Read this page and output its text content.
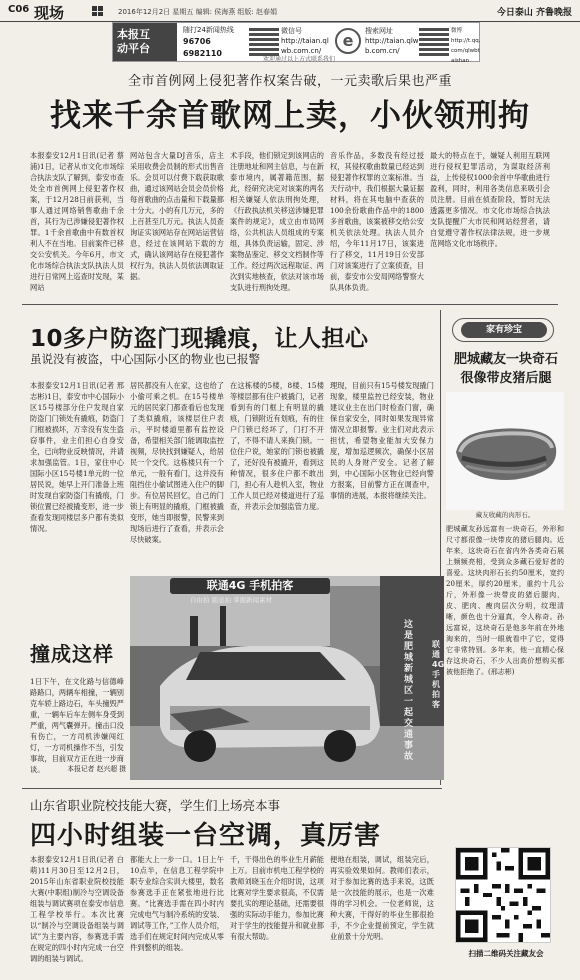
C06 现场	2016年12月2日 星期五 编辑: 侯海燕 组版: 赵春娟	今日泰山 齐鲁晚报
本报互
动平台
随打24新闻热线
96706 6982110
微信号
http://taian.qlwb.com.cn/
e	搜索网址
http://taian.qlwb.com.cn/
微博
http://t.qq.com/qlwbtaishan
欢迎通过以上方式联系我们
全市首例网上侵犯著作权案告破，一元卖歌后果也严重
找来千余首歌网上卖，小伙领刑拘
本报泰安12月1日讯(记者 蔡浦)1日，记者从市文化市场综合执法支队了解到，泰安市查处全市首例网上侵犯著作权案，于12月28日前获利，当事人通过网络销售歌曲千余首，其行为已涉嫌侵犯著作权罪。1千余首歌曲中有数首权利人不在当地。目前案件已移交公安机关。今年6月，市文化市场综合执法支队执法人员进行日常网上巡查时发现，某网站
网站包含大量DJ音乐，店主采用收费会员制的形式出售音乐。会员可以付费下载获取歌曲，通过该网站会员会员价格每首歌曲的点击量和下载量都十分大。小的有几万元，多的上百甚至几万元。执法人员查询证实该网站存在网站运营信息，经过在该网站下载的方式，确认该网站存在侵犯著作权行为，执法人员依法调取证据。
术手段，他们锁定到该网店的注册地址和网主信息，与在新泰市境内，属著籍范围，据此，经研究决定对该案的两名相关嫌疑人依法刑拘处理，《行政执法机关移送涉嫌犯罪案件的规定》，成立由市局网络，公共机法人员组成的专案组，具体负责运输，固定、涉案物品鉴定、移交文档制作等工作。经过两次远程取证、两次到实地核查，依法对该市场支队进行刑拘处理。
音乐作品，多数没有经过授权，其侵权歌曲数量已经达到侵犯著作权罪的立案标准。当天行动中，我们根据大量证据材料，将在其电脑中查获的100余份歌曲作品中的1800多首歌曲，该案被移交给公安机关依法处理。执法人员介绍，今年11月17日，该案进行了移交，11月19日公安部门对该案进行了立案侦查，目前，泰安市公安局网络警察大队具体负责。
最大的特点在于，嫌疑人利用互联网进行侵权犯罪活动，为谋取经济利益，上传侵权1000余首中华歌曲进行盈利，同时，利用各类信息来吸引会员注册。目前在侦查阶段，暂时无法透露更多情况。市文化市场综合执法支队提醒广大市民和网站经营者，请自觉遵守著作权法律法规，进一步规范网络文化市场秩序。
10多户防盗门现撬痕，让人担心
虽说没有被盗，中心国际小区的物业也已报警
本报泰安12月1日讯(记者 邢志彬)1日，泰安市中心国际小区15号楼部分住户发现自家防盗门门锁处有撬痕，防盗门门框被损坏，万幸没有发生盗窃事件，业主们担心自身安全，已向物业反映情况，并请求加强监管。1日，家住中心国际小区15号楼1单元的一位居民说，她早上开门准备上班时发现自家防盗门有撬痕，门锁位置已经被撬变形，进一步查看发现同楼层多户都有类似情况。
居民都没有人在家，这也给了小偷可乘之机。在15号楼单元的居民家门都查看后也发现了类似撬痕，该楼层住户表示，平时楼道里都有监控设备，希望相关部门能调取监控视频，尽快找到嫌疑人，给居民一个交代。这栋楼只有一个单元，一般有看门，这并没有阻挡住小偷试图进入住户的脚步。有位居民回忆，自己的门锁上有明显的撬痕，门框被撬变形，她当即报警，民警来到现场后进行了查看，并表示会尽快破案。
在这栋楼的5楼，8楼、15楼等楼层都有住户被撬门，记者看到有的门框上有明显的撬痕，门锁附近有划痕，有的住户门锁已经坏了，门打不开了，不得不请人来换门锁。一位住户说，她家的门锁也被撬了，还好没有被撬开，看到这种情况，很多住户都不敢出门，担心有人趁机入室，物业工作人员已经对楼道进行了巡查，并表示会加强监管力度。
理现，目前只有15号楼发现撬门现象，楼里监控已经安装，物业建议业主在出门时检查门窗，确保自家安全，同时如果发现异常情况立即报警。业主们对此表示担忧，希望物业能加大安保力度，增加巡逻频次，确保小区居民的人身财产安全。记者了解到，中心国际小区物业已经向警方报案，目前警方正在调查中，事情的进展，本报将继续关注。
家有珍宝
肥城藏友一块奇石
很像带皮猪后腿
藏友收藏的肉形石。
肥城藏友孙远富有一块奇石，外形和尺寸都很像一块带皮的猪后腿肉。近年来，这块奇石在省内外各类奇石展上频频亮相，受到众多藏石爱好者的喜爱。这块肉形石长约50厘米，宽约20厘米，厚约20厘米，重约十几公斤，外形像一块带皮的猪后腿肉，皮、肥肉、瘦肉层次分明，纹理清晰，颜色也十分逼真，令人称奇。孙远富说，这块奇石是他多年前在外地淘来的，当时一眼就看中了它，觉得它非常特别。多年来，他一直精心保存这块奇石，不少人出高价想购买都被他拒绝了。(邢志彬)
联通4G 手机拍客
自由拍 随意拍 掌握新闻素材
这是肥城新城区一起交通事故
联通4G 手机拍客
撞成这样
1日下午，在文化路与信德峰路路口，两辆车相撞，一辆别克车轿上路边石，车头撞毁严重，一辆车后车左侧车身受到严重，两气囊弹开。撞击口没有伤亡，一方司机涉嫌闯红灯，一方司机操作不当，引发事故，目前双方正在进一步商谈。	本报记者 赵兴超 摄
山东省职业院校技能大赛，学生们上场亮本事
四小时组装一台空调，真厉害
本报泰安12月1日讯(记者 白萌)11月30日至12月2日，2015年山东省职业院校技能大赛(中职组)制冷与空调设备组装与调试赛项在泰安市信息工程学校举行。本次比赛以“制冷与空调设备组装与调试”为主要内容，参赛选手需在规定的四小时内完成一台空调的组装与调试。
都能大上一步一口。1日上午10点半，在信息工程学院中职专业综合实训大楼里，数名参赛选手正在紧张地进行比赛。“比赛选手需在四小时内完成电气与制冷系统的安装、调试等工作，”工作人员介绍，选手们在规定时间内完成从零件到整机的组装。
千，干得出色的毕业生月薪能上万。目前市机电工程学校的教师刘晓玉在介绍时说，这项比赛对学生要求很高，不仅需要扎实的理论基础，还需要很强的实际动手能力，参加比赛对于学生的技能提升和就业都有很大帮助。
便地在组装，调试，组装完后，再实验效果如何。教师们表示，对于参加比赛的选手来说，这既是一次技能的展示，也是一次难得的学习机会。一位老师说，这种大赛，干得好的毕业生都很抢手，不少企业提前预定，学生就业前景十分光明。
扫描二维码关注藏友会
